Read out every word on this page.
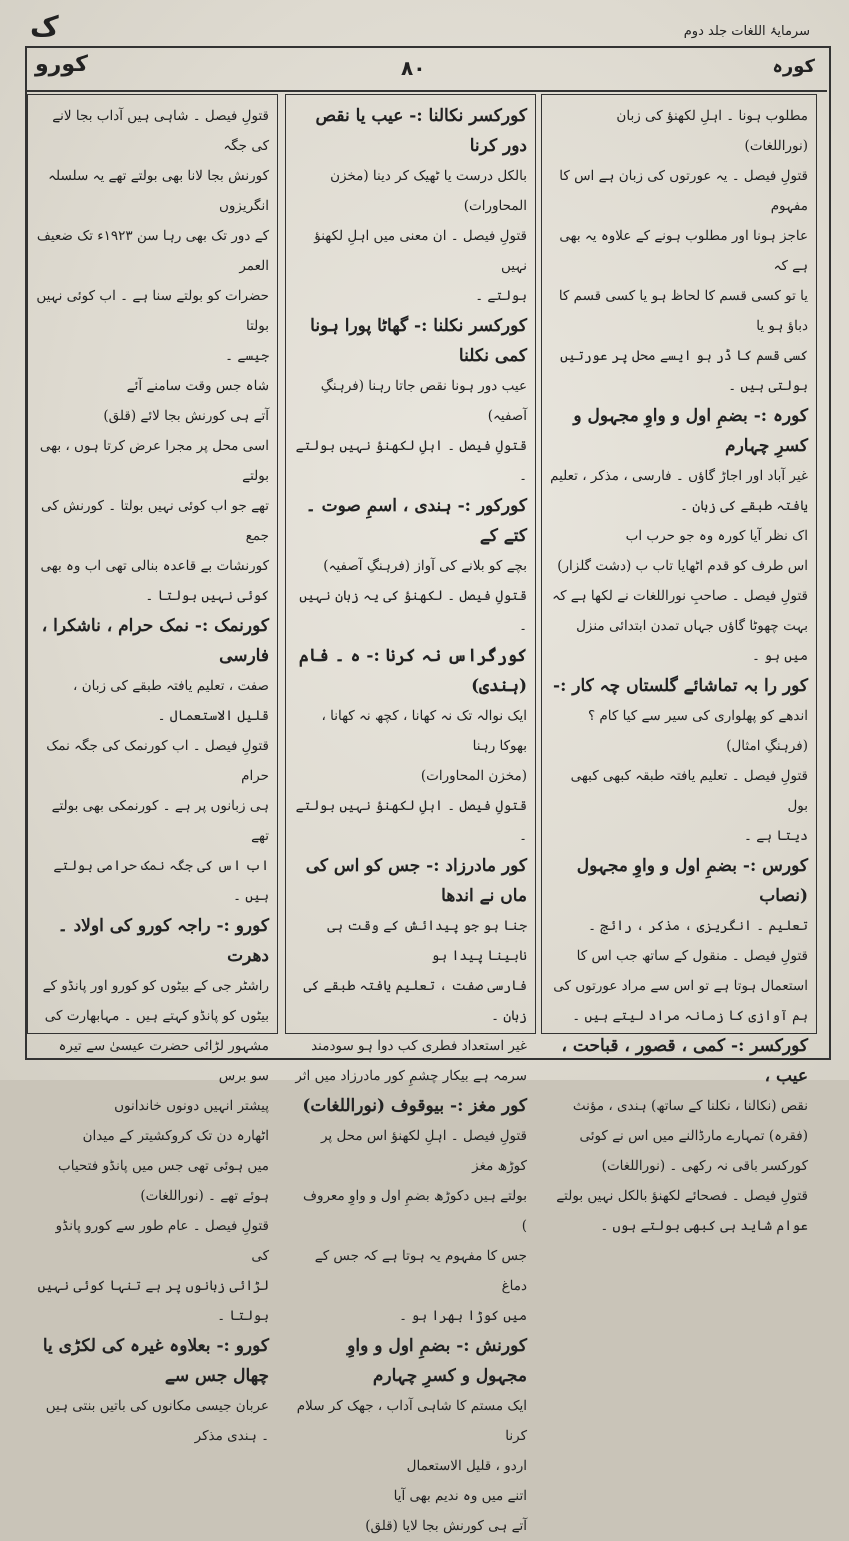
ک	سرمایۂ اللغات جلد دوم
کورو	۸۰	کورہ

مطلوب ہونا ۔ اہلِ لکھنؤ کی زبان (نوراللغات)

قتولِ فیصل ۔ یہ عورتوں کی زبان ہے اس کا مفہوم

عاجز ہونا اور مطلوب ہونے کے علاوہ یہ بھی ہے کہ

یا تو کسی قسم کا لحاظ ہو یا کسی قسم کا دباؤ ہو یا

کسی قسم کا ڈر ہو ایسے محل پر عورتیں بولتی ہیں ۔

کورہ :- بضمِ اول و واوِ مجہول و کسرِ چہارم

غیر آباد اور اجاڑ گاؤں ۔ فارسی ، مذکر ، تعلیم

یافتہ طبقے کی زبان ۔

اک نظر آیا کورہ وہ جو حرب اب

اس طرف کو قدم اٹھایا تاب ب (دشت گلزار)

قتولِ فیصل ۔ صاحبِ نوراللغات نے لکھا ہے کہ

بہت چھوٹا گاؤں جہاں تمدن ابتدائی منزل

میں ہو ۔

کور را بہ تماشائے گلستاں چہ کار :-

اندھے کو پھلواری کی سیر سے کیا کام ؟

(فرہنگِ امثال)

قتولِ فیصل ۔ تعلیم یافتہ طبقہ کبھی کبھی بول

دیتا ہے ۔

کورس :- بضمِ اول و واوِ مجہول (نصاب

تعلیم ۔ انگریزی ، مذکر ، رائج ۔

قتولِ فیصل ۔ منقول کے ساتھ جب اس کا

استعمال ہوتا ہے تو اس سے مراد عورتوں کی

ہم آوازی کا زمانہ مراد لیتے ہیں ۔

کورکسر :- کمی ، قصور ، قباحت ، عیب ،

نقص (نکالنا ، نکلنا کے ساتھ) ہندی ، مؤنث

(فقرہ) تمہارے مارڈالنے میں اس نے کوئی

کورکسر باقی نہ رکھی ۔ (نوراللغات)

قتولِ فیصل ۔ فصحائے لکھنؤ بالکل نہیں بولتے

عوام شاید ہی کبھی بولتے ہوں ۔

کورکسر نکالنا :- عیب یا نقص دور کرنا

بالکل درست یا ٹھیک کر دینا (مخزن المحاورات)

قتولِ فیصل ۔ ان معنی میں اہلِ لکھنؤ نہیں

بولتے ۔

کورکسر نکلنا :- گھاٹا پورا ہونا کمی نکلنا

عیب دور ہونا نقص جاتا رہنا (فرہنگِ آصفیہ)

قتولِ فیصل ۔ اہلِ لکھنؤ نہیں بولتے ۔

کورکور :- ہندی ، اسمِ صوت ۔ کتے کے

بچے کو بلانے کی آواز (فرہنگِ آصفیہ)

قتولِ فیصل ۔ لکھنؤ کی یہ زبان نہیں ۔

کورگراس نہ کرنا :- ہ ۔ فام (ہندی)

ایک نوالہ تک نہ کھانا ، کچھ نہ کھانا ، بھوکا رہنا

(مخزن المحاورات)

قتولِ فیصل ۔ اہلِ لکھنؤ نہیں بولتے ۔

کور مادرزاد :- جس کو اس کی ماں نے اندھا

جنا ہو جو پیدائش کے وقت ہی نابینا پیدا ہو

فارسی صفت ، تعلیم یافتہ طبقے کی زبان ۔

غیر استعداد فطری کب دوا ہو سودمند

سرمہ ہے بیکار چشمِ کور مادرزاد میں اثر

کور مغز :- بیوقوف (نوراللغات)

قتولِ فیصل ۔ اہلِ لکھنؤ اس محل پر کوڑھ مغز

بولتے ہیں دکوڑھ بضمِ اول و واوِ معروف )

جس کا مفہوم یہ ہوتا ہے کہ جس کے دماغ

میں کوڑا بھرا ہو ۔

کورنش :- بضمِ اول و واوِ مجہول و کسرِ چہارم

ایک مستم کا شاہی آداب ، جھک کر سلام کرنا

اردو ، قلیل الاستعمال

اتنے میں وہ ندیم بھی آیا

آتے ہی کورنش بجا لایا (قلق)

قتولِ فیصل ۔ شاہی ہیں آداب بجا لانے کی جگہ

کورنش بجا لانا بھی بولتے تھے یہ سلسلہ انگریزوں

کے دور تک بھی رہا سن ۱۹۲۳ء تک ضعیف العمر

حضرات کو بولتے سنا ہے ۔ اب کوئی نہیں بولتا

جیسے ۔

شاہ جس وقت سامنے آئے

آتے ہی کورنش بجا لائے (قلق)

اسی محل پر مجرا عرض کرتا ہوں ، بھی بولتے

تھے جو اب کوئی نہیں بولتا ۔ کورنش کی جمع

کورنشات بے قاعدہ بنالی تھی اب وہ بھی

کوئی نہیں بولتا ۔

کورنمک :- نمک حرام ، ناشکرا ، فارسی

صفت ، تعلیم یافتہ طبقے کی زبان ،

قلیل الاستعمال ۔

قتولِ فیصل ۔ اب کورنمک کی جگہ نمک حرام

ہی زبانوں پر ہے ۔ کورنمکی بھی بولتے تھے

اب اس کی جگہ نمک حرامی بولتے ہیں ۔

کورو :- راجہ کورو کی اولاد ۔ دھرت

راشٹر جی کے بیٹوں کو کورو اور پانڈو کے

بیٹوں کو پانڈو کہتے ہیں ۔ مہابھارت کی

مشہور لڑائی حضرت عیسیٰ سے تیرہ سو برس

پیشتر انہیں دونوں خاندانوں

اٹھارہ دن تک کروکشیتر کے میدان

میں ہوئی تھی جس میں پانڈو فتحیاب

ہوئے تھے ۔ (نوراللغات)

قتولِ فیصل ۔ عام طور سے کورو پانڈو کی

لڑائی زبانوں پر ہے تنہا کوئی نہیں بولتا ۔

کورو :- بعلاوہ غیرہ کی لکڑی یا چھال جس سے

عربان جیسی مکانوں کی باتیں بنتی ہیں ۔ ہندی مذکر
